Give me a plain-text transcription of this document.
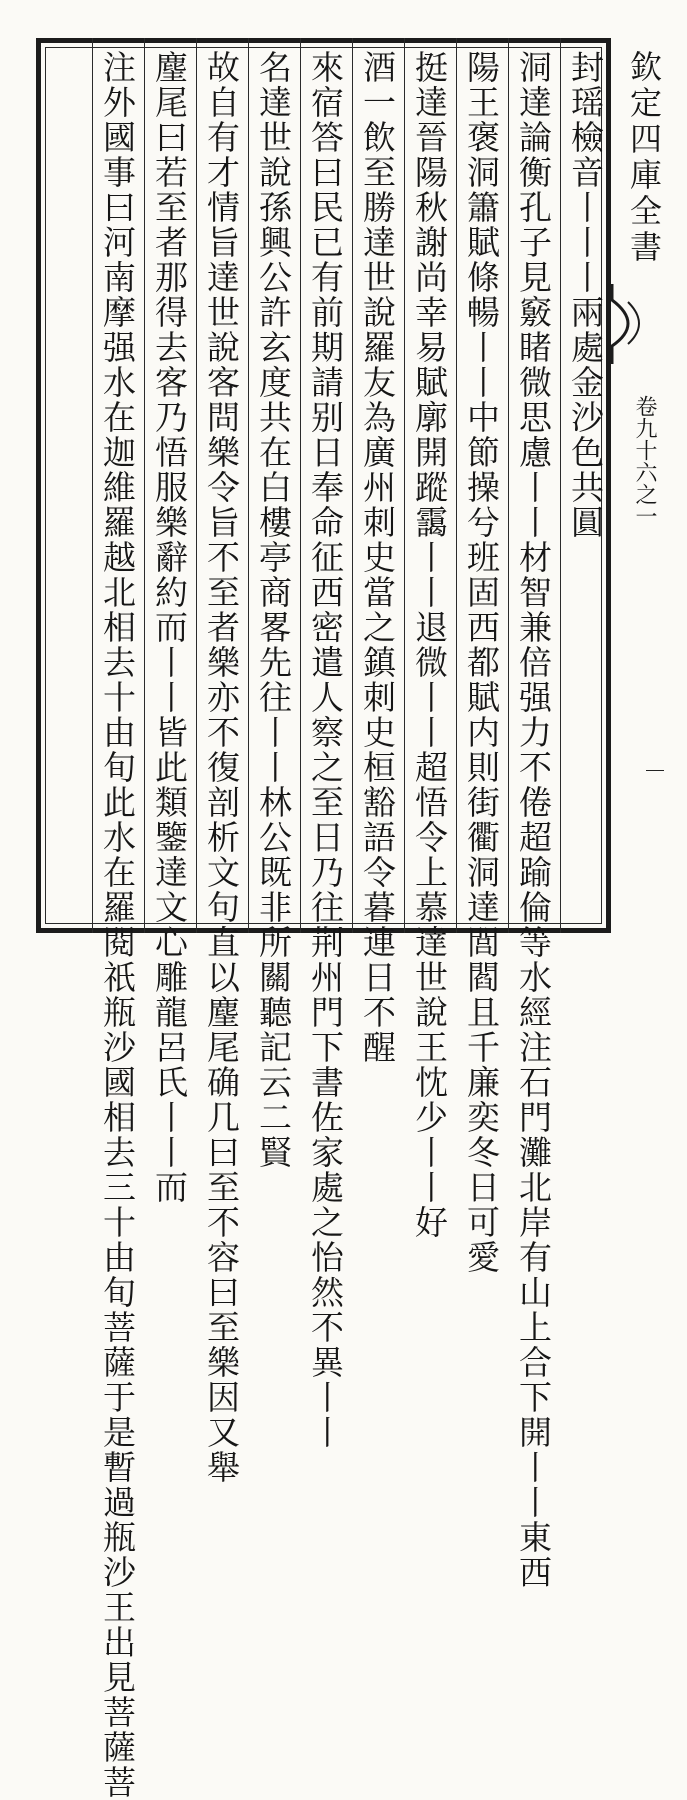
封瑶檢音丨丨丨兩處金沙色共圓
洞達論衡孔子見竅睹微思慮丨丨材智兼倍强力不倦超踰倫等水經注石門灘北岸有山上合下開丨丨東西
陽王褒洞簫賦條暢丨丨中節操兮班固西都賦内則街衢洞達閭閻且千廉奕冬日可愛
挺達晉陽秋謝尚幸易賦廓開蹤靄丨丨退微丨丨超悟令上慕達世說王忱少丨丨好
酒一飲至勝達世說羅友為廣州刺史當之鎮刺史桓豁語令暮連日不醒
來宿答曰民已有前期請别日奉命征西密遣人察之至日乃往荆州門下書佐家處之怡然不異丨丨
名達世說孫興公許玄度共在白樓亭商畧先往丨丨林公既非所關聽記云二賢
故自有才情旨達世說客問樂令旨不至者樂亦不復剖析文句直以麈尾确几曰至不容曰至樂因又舉
麈尾曰若至者那得去客乃悟服樂辭約而丨丨皆此類鑒達文心雕龍呂氏丨丨而
注外國事曰河南摩强水在迦維羅越北相去十由旬此水在羅閱祇瓶沙國相去三十由旬菩薩于是暫過瓶沙王出見菩薩菩	欽定四庫全書
卷九十六之一
